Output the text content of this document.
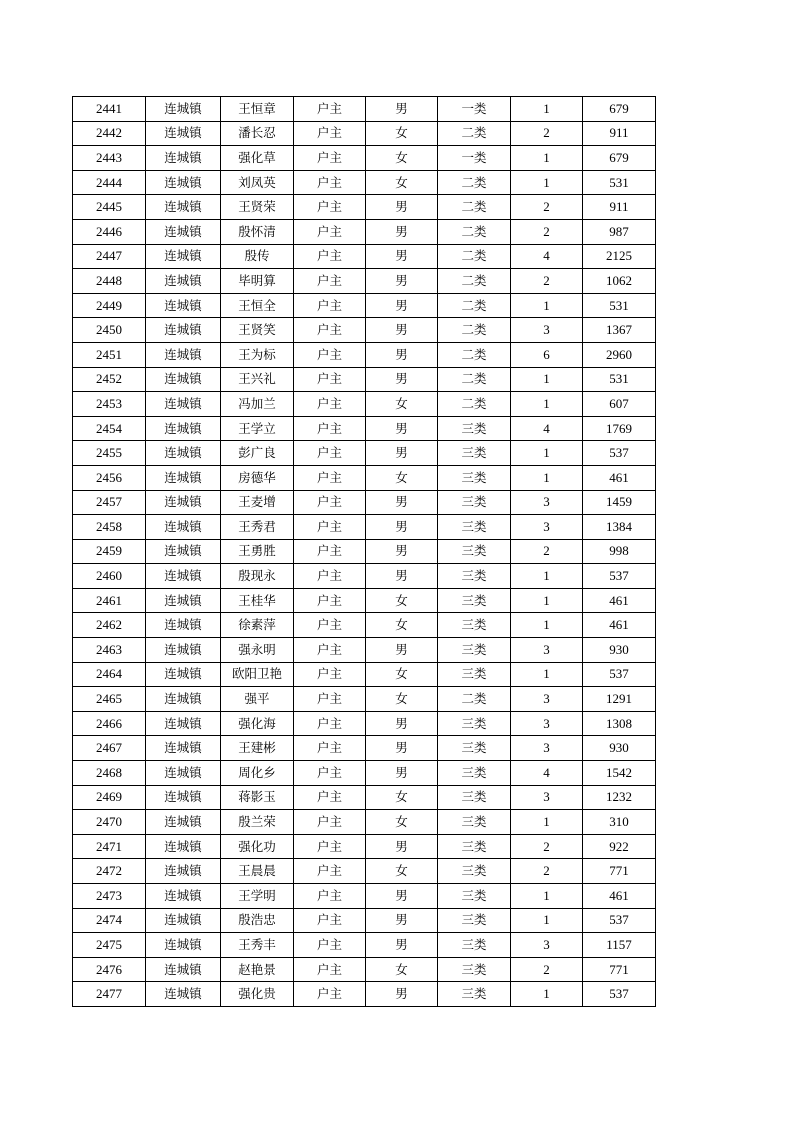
2441	连城镇	王恒章	户主	男	一类	1	679
2442	连城镇	潘长忍	户主	女	二类	2	911
2443	连城镇	强化草	户主	女	一类	1	679
2444	连城镇	刘凤英	户主	女	二类	1	531
2445	连城镇	王贤荣	户主	男	二类	2	911
2446	连城镇	殷怀清	户主	男	二类	2	987
2447	连城镇	殷传	户主	男	二类	4	2125
2448	连城镇	毕明算	户主	男	二类	2	1062
2449	连城镇	王恒全	户主	男	二类	1	531
2450	连城镇	王贤笑	户主	男	二类	3	1367
2451	连城镇	王为标	户主	男	二类	6	2960
2452	连城镇	王兴礼	户主	男	二类	1	531
2453	连城镇	冯加兰	户主	女	二类	1	607
2454	连城镇	王学立	户主	男	三类	4	1769
2455	连城镇	彭广良	户主	男	三类	1	537
2456	连城镇	房德华	户主	女	三类	1	461
2457	连城镇	王麦增	户主	男	三类	3	1459
2458	连城镇	王秀君	户主	男	三类	3	1384
2459	连城镇	王勇胜	户主	男	三类	2	998
2460	连城镇	殷现永	户主	男	三类	1	537
2461	连城镇	王桂华	户主	女	三类	1	461
2462	连城镇	徐素萍	户主	女	三类	1	461
2463	连城镇	强永明	户主	男	三类	3	930
2464	连城镇	欧阳卫艳	户主	女	三类	1	537
2465	连城镇	强平	户主	女	二类	3	1291
2466	连城镇	强化海	户主	男	三类	3	1308
2467	连城镇	王建彬	户主	男	三类	3	930
2468	连城镇	周化乡	户主	男	三类	4	1542
2469	连城镇	蒋影玉	户主	女	三类	3	1232
2470	连城镇	殷兰荣	户主	女	三类	1	310
2471	连城镇	强化功	户主	男	三类	2	922
2472	连城镇	王晨晨	户主	女	三类	2	771
2473	连城镇	王学明	户主	男	三类	1	461
2474	连城镇	殷浩忠	户主	男	三类	1	537
2475	连城镇	王秀丰	户主	男	三类	3	1157
2476	连城镇	赵艳景	户主	女	三类	2	771
2477	连城镇	强化贵	户主	男	三类	1	537
